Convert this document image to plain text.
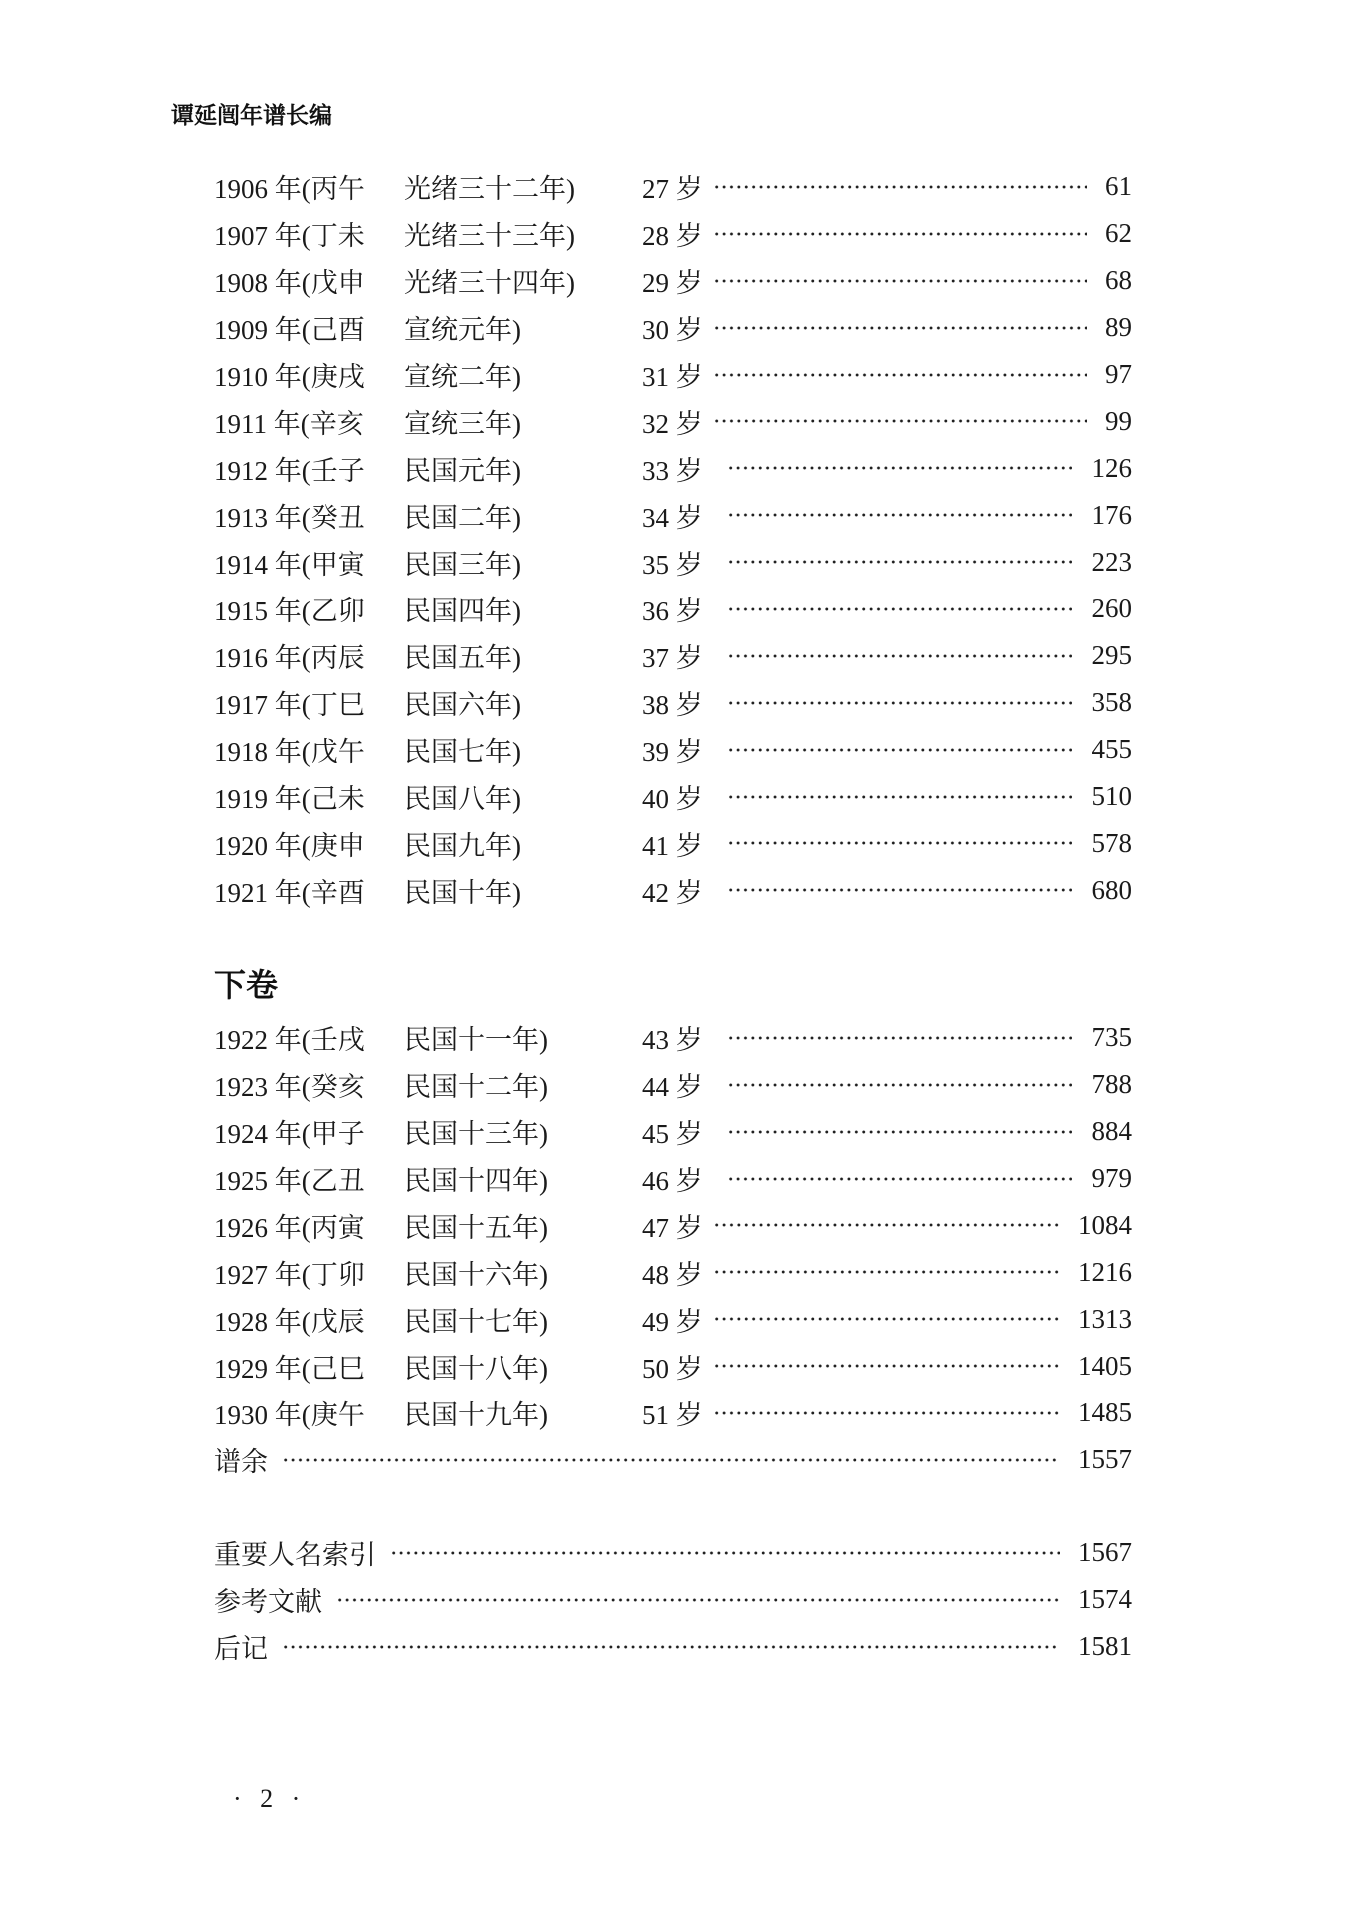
谭延闿年谱长编
1906 年(丙午	光绪三十二年)	27 岁	61
1907 年(丁未	光绪三十三年)	28 岁	62
1908 年(戊申	光绪三十四年)	29 岁	68
1909 年(己酉	宣统元年)	30 岁	89
1910 年(庚戌	宣统二年)	31 岁	97
1911 年(辛亥	宣统三年)	32 岁	99
1912 年(壬子	民国元年)	33 岁	126
1913 年(癸丑	民国二年)	34 岁	176
1914 年(甲寅	民国三年)	35 岁	223
1915 年(乙卯	民国四年)	36 岁	260
1916 年(丙辰	民国五年)	37 岁	295
1917 年(丁巳	民国六年)	38 岁	358
1918 年(戊午	民国七年)	39 岁	455
1919 年(己未	民国八年)	40 岁	510
1920 年(庚申	民国九年)	41 岁	578
1921 年(辛酉	民国十年)	42 岁	680
下卷
1922 年(壬戌	民国十一年)	43 岁	735
1923 年(癸亥	民国十二年)	44 岁	788
1924 年(甲子	民国十三年)	45 岁	884
1925 年(乙丑	民国十四年)	46 岁	979
1926 年(丙寅	民国十五年)	47 岁	1084
1927 年(丁卯	民国十六年)	48 岁	1216
1928 年(戊辰	民国十七年)	49 岁	1313
1929 年(己巳	民国十八年)	50 岁	1405
1930 年(庚午	民国十九年)	51 岁	1485
谱余	1557
重要人名索引	1567
参考文献	1574
后记	1581
· 2 ·
